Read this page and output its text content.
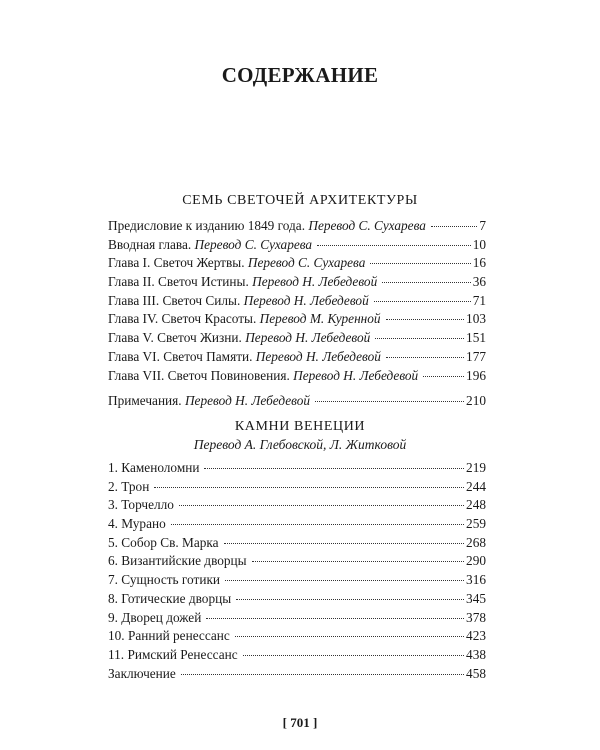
СОДЕРЖАНИЕ
СЕМЬ СВЕТОЧЕЙ АРХИТЕКТУРЫ
Предисловие к изданию 1849 года. Перевод С. Сухарева	7
Вводная глава. Перевод С. Сухарева	10
Глава I. Светоч Жертвы. Перевод С. Сухарева	16
Глава II. Светоч Истины. Перевод Н. Лебедевой	36
Глава III. Светоч Силы. Перевод Н. Лебедевой	71
Глава IV. Светоч Красоты. Перевод М. Куренной	103
Глава V. Светоч Жизни. Перевод Н. Лебедевой	151
Глава VI. Светоч Памяти. Перевод Н. Лебедевой	177
Глава VII. Светоч Повиновения. Перевод Н. Лебедевой	196
Примечания. Перевод Н. Лебедевой	210
КАМНИ ВЕНЕЦИИ
Перевод А. Глебовской, Л. Житковой
1. Каменоломни	219
2. Трон	244
3. Торчелло	248
4. Мурано	259
5. Собор Св. Марка	268
6. Византийские дворцы	290
7. Сущность готики	316
8. Готические дворцы	345
9. Дворец дожей	378
10. Ранний ренессанс	423
11. Римский Ренессанс	438
Заключение	458
[ 701 ]
